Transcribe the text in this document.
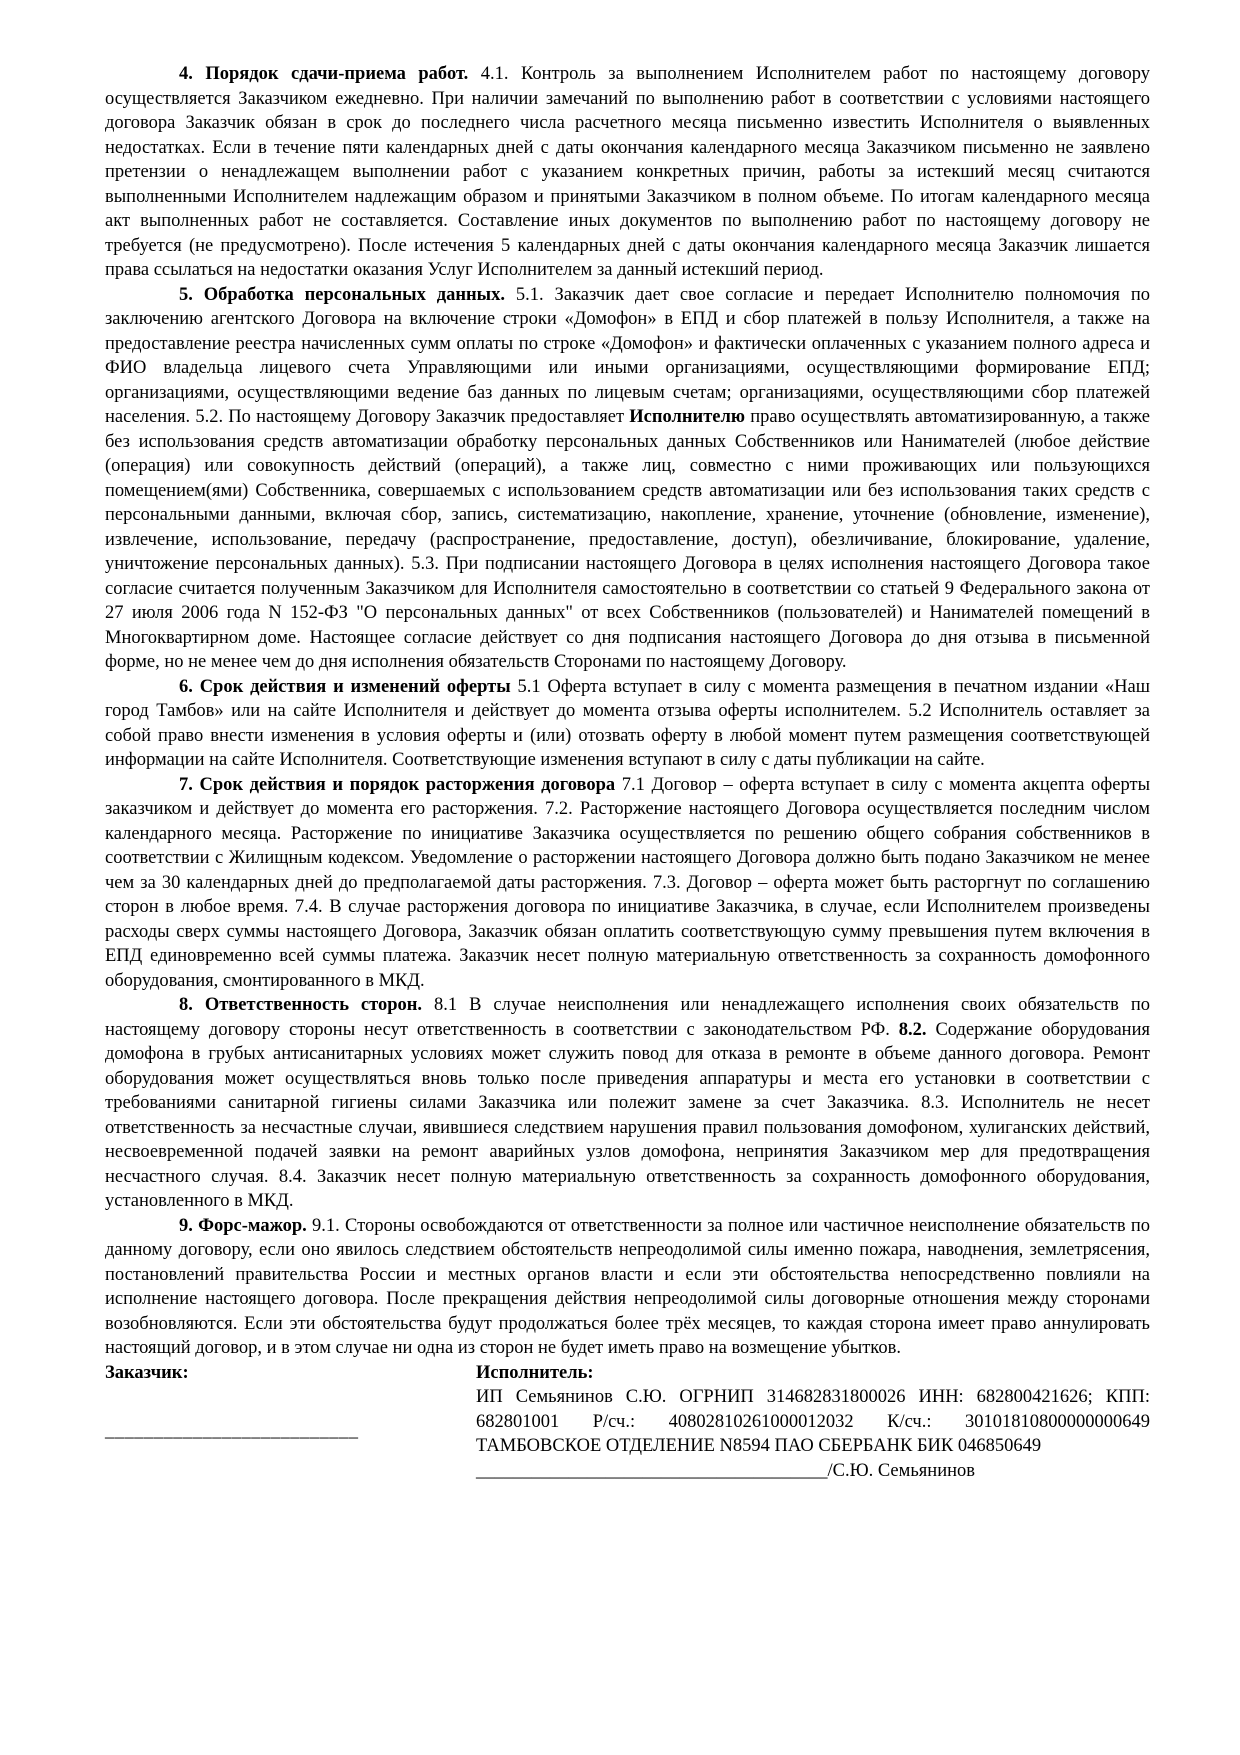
4. Порядок сдачи-приема работ. 4.1. Контроль за выполнением Исполнителем работ по настоящему договору осуществляется Заказчиком ежедневно. При наличии замечаний по выполнению работ в соответствии с условиями настоящего договора Заказчик обязан в срок до последнего числа расчетного месяца письменно известить Исполнителя о выявленных недостатках. Если в течение пяти календарных дней с даты окончания календарного месяца Заказчиком письменно не заявлено претензии о ненадлежащем выполнении работ с указанием конкретных причин, работы за истекший месяц считаются выполненными Исполнителем надлежащим образом и принятыми Заказчиком в полном объеме. По итогам календарного месяца акт выполненных работ не составляется. Составление иных документов по выполнению работ по настоящему договору не требуется (не предусмотрено). После истечения 5 календарных дней с даты окончания календарного месяца Заказчик лишается права ссылаться на недостатки оказания Услуг Исполнителем за данный истекший период.

5. Обработка персональных данных. 5.1. Заказчик дает свое согласие и передает Исполнителю полномочия по заключению агентского Договора на включение строки «Домофон» в ЕПД и сбор платежей в пользу Исполнителя, а также на предоставление реестра начисленных сумм оплаты по строке «Домофон» и фактически оплаченных с указанием полного адреса и ФИО владельца лицевого счета Управляющими или иными организациями, осуществляющими формирование ЕПД; организациями, осуществляющими ведение баз данных по лицевым счетам; организациями, осуществляющими сбор платежей населения. 5.2. По настоящему Договору Заказчик предоставляет Исполнителю право осуществлять автоматизированную, а также без использования средств автоматизации обработку персональных данных Собственников или Нанимателей (любое действие (операция) или совокупность действий (операций), а также лиц, совместно с ними проживающих или пользующихся помещением(ями) Собственника, совершаемых с использованием средств автоматизации или без использования таких средств с персональными данными, включая сбор, запись, систематизацию, накопление, хранение, уточнение (обновление, изменение), извлечение, использование, передачу (распространение, предоставление, доступ), обезличивание, блокирование, удаление, уничтожение персональных данных). 5.3. При подписании настоящего Договора в целях исполнения настоящего Договора такое согласие считается полученным Заказчиком для Исполнителя самостоятельно в соответствии со статьей 9 Федерального закона от 27 июля 2006 года N 152-ФЗ "О персональных данных" от всех Собственников (пользователей) и Нанимателей помещений в Многоквартирном доме. Настоящее согласие действует со дня подписания настоящего Договора до дня отзыва в письменной форме, но не менее чем до дня исполнения обязательств Сторонами по настоящему Договору.

6. Срок действия и изменений оферты 5.1 Оферта вступает в силу с момента размещения в печатном издании «Наш город Тамбов» или на сайте Исполнителя и действует до момента отзыва оферты исполнителем. 5.2 Исполнитель оставляет за собой право внести изменения в условия оферты и (или) отозвать оферту в любой момент путем размещения соответствующей информации на сайте Исполнителя. Соответствующие изменения вступают в силу с даты публикации на сайте.

7. Срок действия и порядок расторжения договора 7.1 Договор – оферта вступает в силу с момента акцепта оферты заказчиком и действует до момента его расторжения. 7.2. Расторжение настоящего Договора осуществляется последним числом календарного месяца. Расторжение по инициативе Заказчика осуществляется по решению общего собрания собственников в соответствии с Жилищным кодексом. Уведомление о расторжении настоящего Договора должно быть подано Заказчиком не менее чем за 30 календарных дней до предполагаемой даты расторжения. 7.3. Договор – оферта может быть расторгнут по соглашению сторон в любое время. 7.4. В случае расторжения договора по инициативе Заказчика, в случае, если Исполнителем произведены расходы сверх суммы настоящего Договора, Заказчик обязан оплатить соответствующую сумму превышения путем включения в ЕПД единовременно всей суммы платежа. Заказчик несет полную материальную ответственность за сохранность домофонного оборудования, смонтированного в МКД.

8. Ответственность сторон. 8.1 В случае неисполнения или ненадлежащего исполнения своих обязательств по настоящему договору стороны несут ответственность в соответствии с законодательством РФ. 8.2. Содержание оборудования домофона в грубых антисанитарных условиях может служить повод для отказа в ремонте в объеме данного договора. Ремонт оборудования может осуществляться вновь только после приведения аппаратуры и места его установки в соответствии с требованиями санитарной гигиены силами Заказчика или полежит замене за счет Заказчика. 8.3. Исполнитель не несет ответственность за несчастные случаи, явившиеся следствием нарушения правил пользования домофоном, хулиганских действий, несвоевременной подачей заявки на ремонт аварийных узлов домофона, непринятия Заказчиком мер для предотвращения несчастного случая. 8.4. Заказчик несет полную материальную ответственность за сохранность домофонного оборудования, установленного в МКД.

9. Форс-мажор. 9.1. Стороны освобождаются от ответственности за полное или частичное неисполнение обязательств по данному договору, если оно явилось следствием обстоятельств непреодолимой силы именно пожара, наводнения, землетрясения, постановлений правительства России и местных органов власти и если эти обстоятельства непосредственно повлияли на исполнение настоящего договора. После прекращения действия непреодолимой силы договорные отношения между сторонами возобновляются. Если эти обстоятельства будут продолжаться более трёх месяцев, то каждая сторона имеет право аннулировать настоящий договор, и в этом случае ни одна из сторон не будет иметь право на возмещение убытков.

Заказчик:
__________________________
Исполнитель:
ИП Семьянинов С.Ю. ОГРНИП 314682831800026 ИНН: 682800421626; КПП: 682801001 Р/сч.: 40802810261000012032 К/сч.: 30101810800000000649 ТАМБОВСКОЕ ОТДЕЛЕНИЕ N8594 ПАО СБЕРБАНК БИК 046850649
______________________________________/С.Ю. Семьянинов
